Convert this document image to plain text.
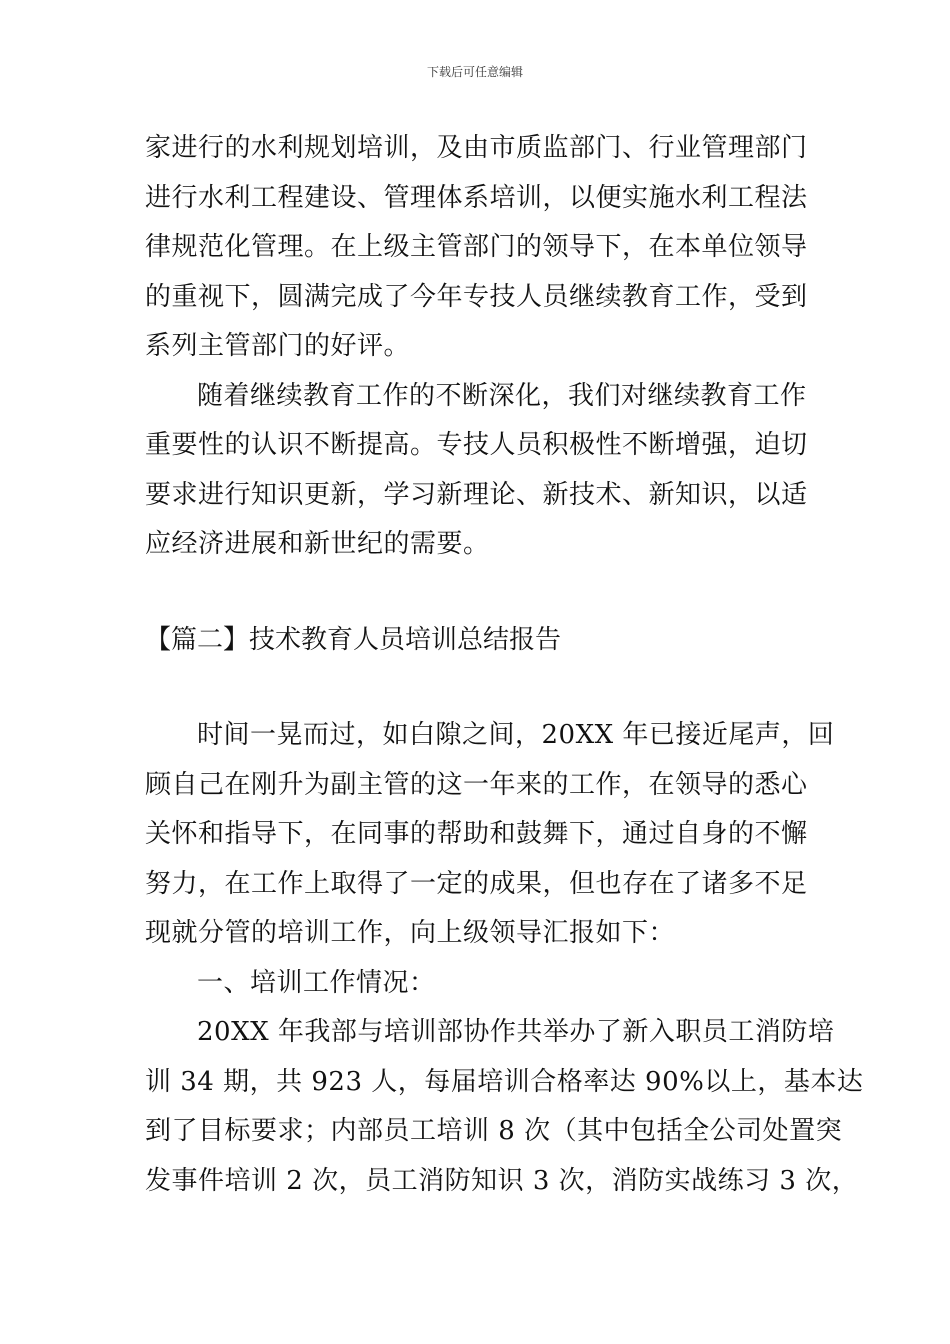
下载后可任意编辑
家进行的水利规划培训，及由市质监部门、行业管理部门
进行水利工程建设、管理体系培训，以便实施水利工程法
律规范化管理。在上级主管部门的领导下，在本单位领导
的重视下，圆满完成了今年专技人员继续教育工作，受到
系列主管部门的好评。
随着继续教育工作的不断深化，我们对继续教育工作
重要性的认识不断提高。专技人员积极性不断增强，迫切
要求进行知识更新，学习新理论、新技术、新知识，以适
应经济进展和新世纪的需要。
【篇二】技术教育人员培训总结报告
时间一晃而过，如白隙之间，20XX 年已接近尾声，回
顾自己在刚升为副主管的这一年来的工作，在领导的悉心
关怀和指导下，在同事的帮助和鼓舞下，通过自身的不懈
努力，在工作上取得了一定的成果，但也存在了诸多不足
现就分管的培训工作，向上级领导汇报如下：
一、培训工作情况：
20XX 年我部与培训部协作共举办了新入职员工消防培
训 34 期，共 923 人，每届培训合格率达 90%以上，基本达
到了目标要求；内部员工培训 8 次（其中包括全公司处置突
发事件培训 2 次，员工消防知识 3 次，消防实战练习 3 次，
